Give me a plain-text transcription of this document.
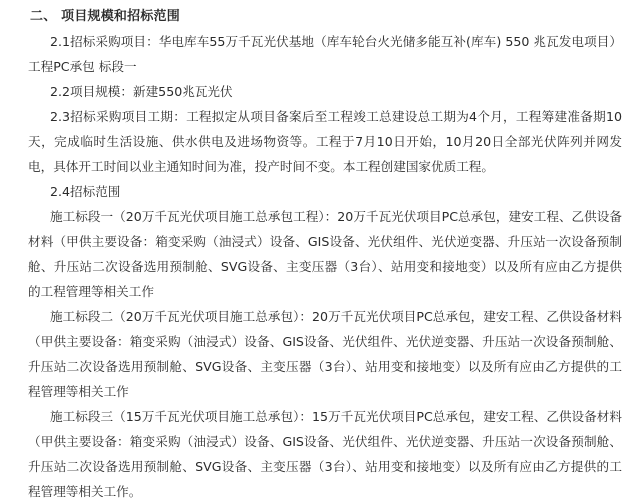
二、 项目规模和招标范围

2.1招标采购项目：华电库车55万千瓦光伏基地（库车轮台火光储多能互补(库车) 550 兆瓦发电项目）工程PC承包 标段一

2.2项目规模：新建550兆瓦光伏

2.3招标采购项目工期：工程拟定从项目备案后至工程竣工总建设总工期为4个月，工程筹建准备期10天，完成临时生活设施、供水供电及进场物资等。工程于7月10日开始，10月20日全部光伏阵列并网发电，具体开工时间以业主通知时间为准，投产时间不变。本工程创建国家优质工程。

2.4招标范围

施工标段一（20万千瓦光伏项目施工总承包工程）：20万千瓦光伏项目PC总承包，建安工程、乙供设备材料（甲供主要设备：箱变采购（油浸式）设备、GIS设备、光伏组件、光伏逆变器、升压站一次设备预制舱、升压站二次设备选用预制舱、SVG设备、主变压器（3台）、站用变和接地变）以及所有应由乙方提供的工程管理等相关工作

施工标段二（20万千瓦光伏项目施工总承包）：20万千瓦光伏项目PC总承包，建安工程、乙供设备材料（甲供主要设备：箱变采购（油浸式）设备、GIS设备、光伏组件、光伏逆变器、升压站一次设备预制舱、升压站二次设备选用预制舱、SVG设备、主变压器（3台）、站用变和接地变）以及所有应由乙方提供的工程管理等相关工作

施工标段三（15万千瓦光伏项目施工总承包）：15万千瓦光伏项目PC总承包，建安工程、乙供设备材料（甲供主要设备：箱变采购（油浸式）设备、GIS设备、光伏组件、光伏逆变器、升压站一次设备预制舱、升压站二次设备选用预制舱、SVG设备、主变压器（3台）、站用变和接地变）以及所有应由乙方提供的工程管理等相关工作。
